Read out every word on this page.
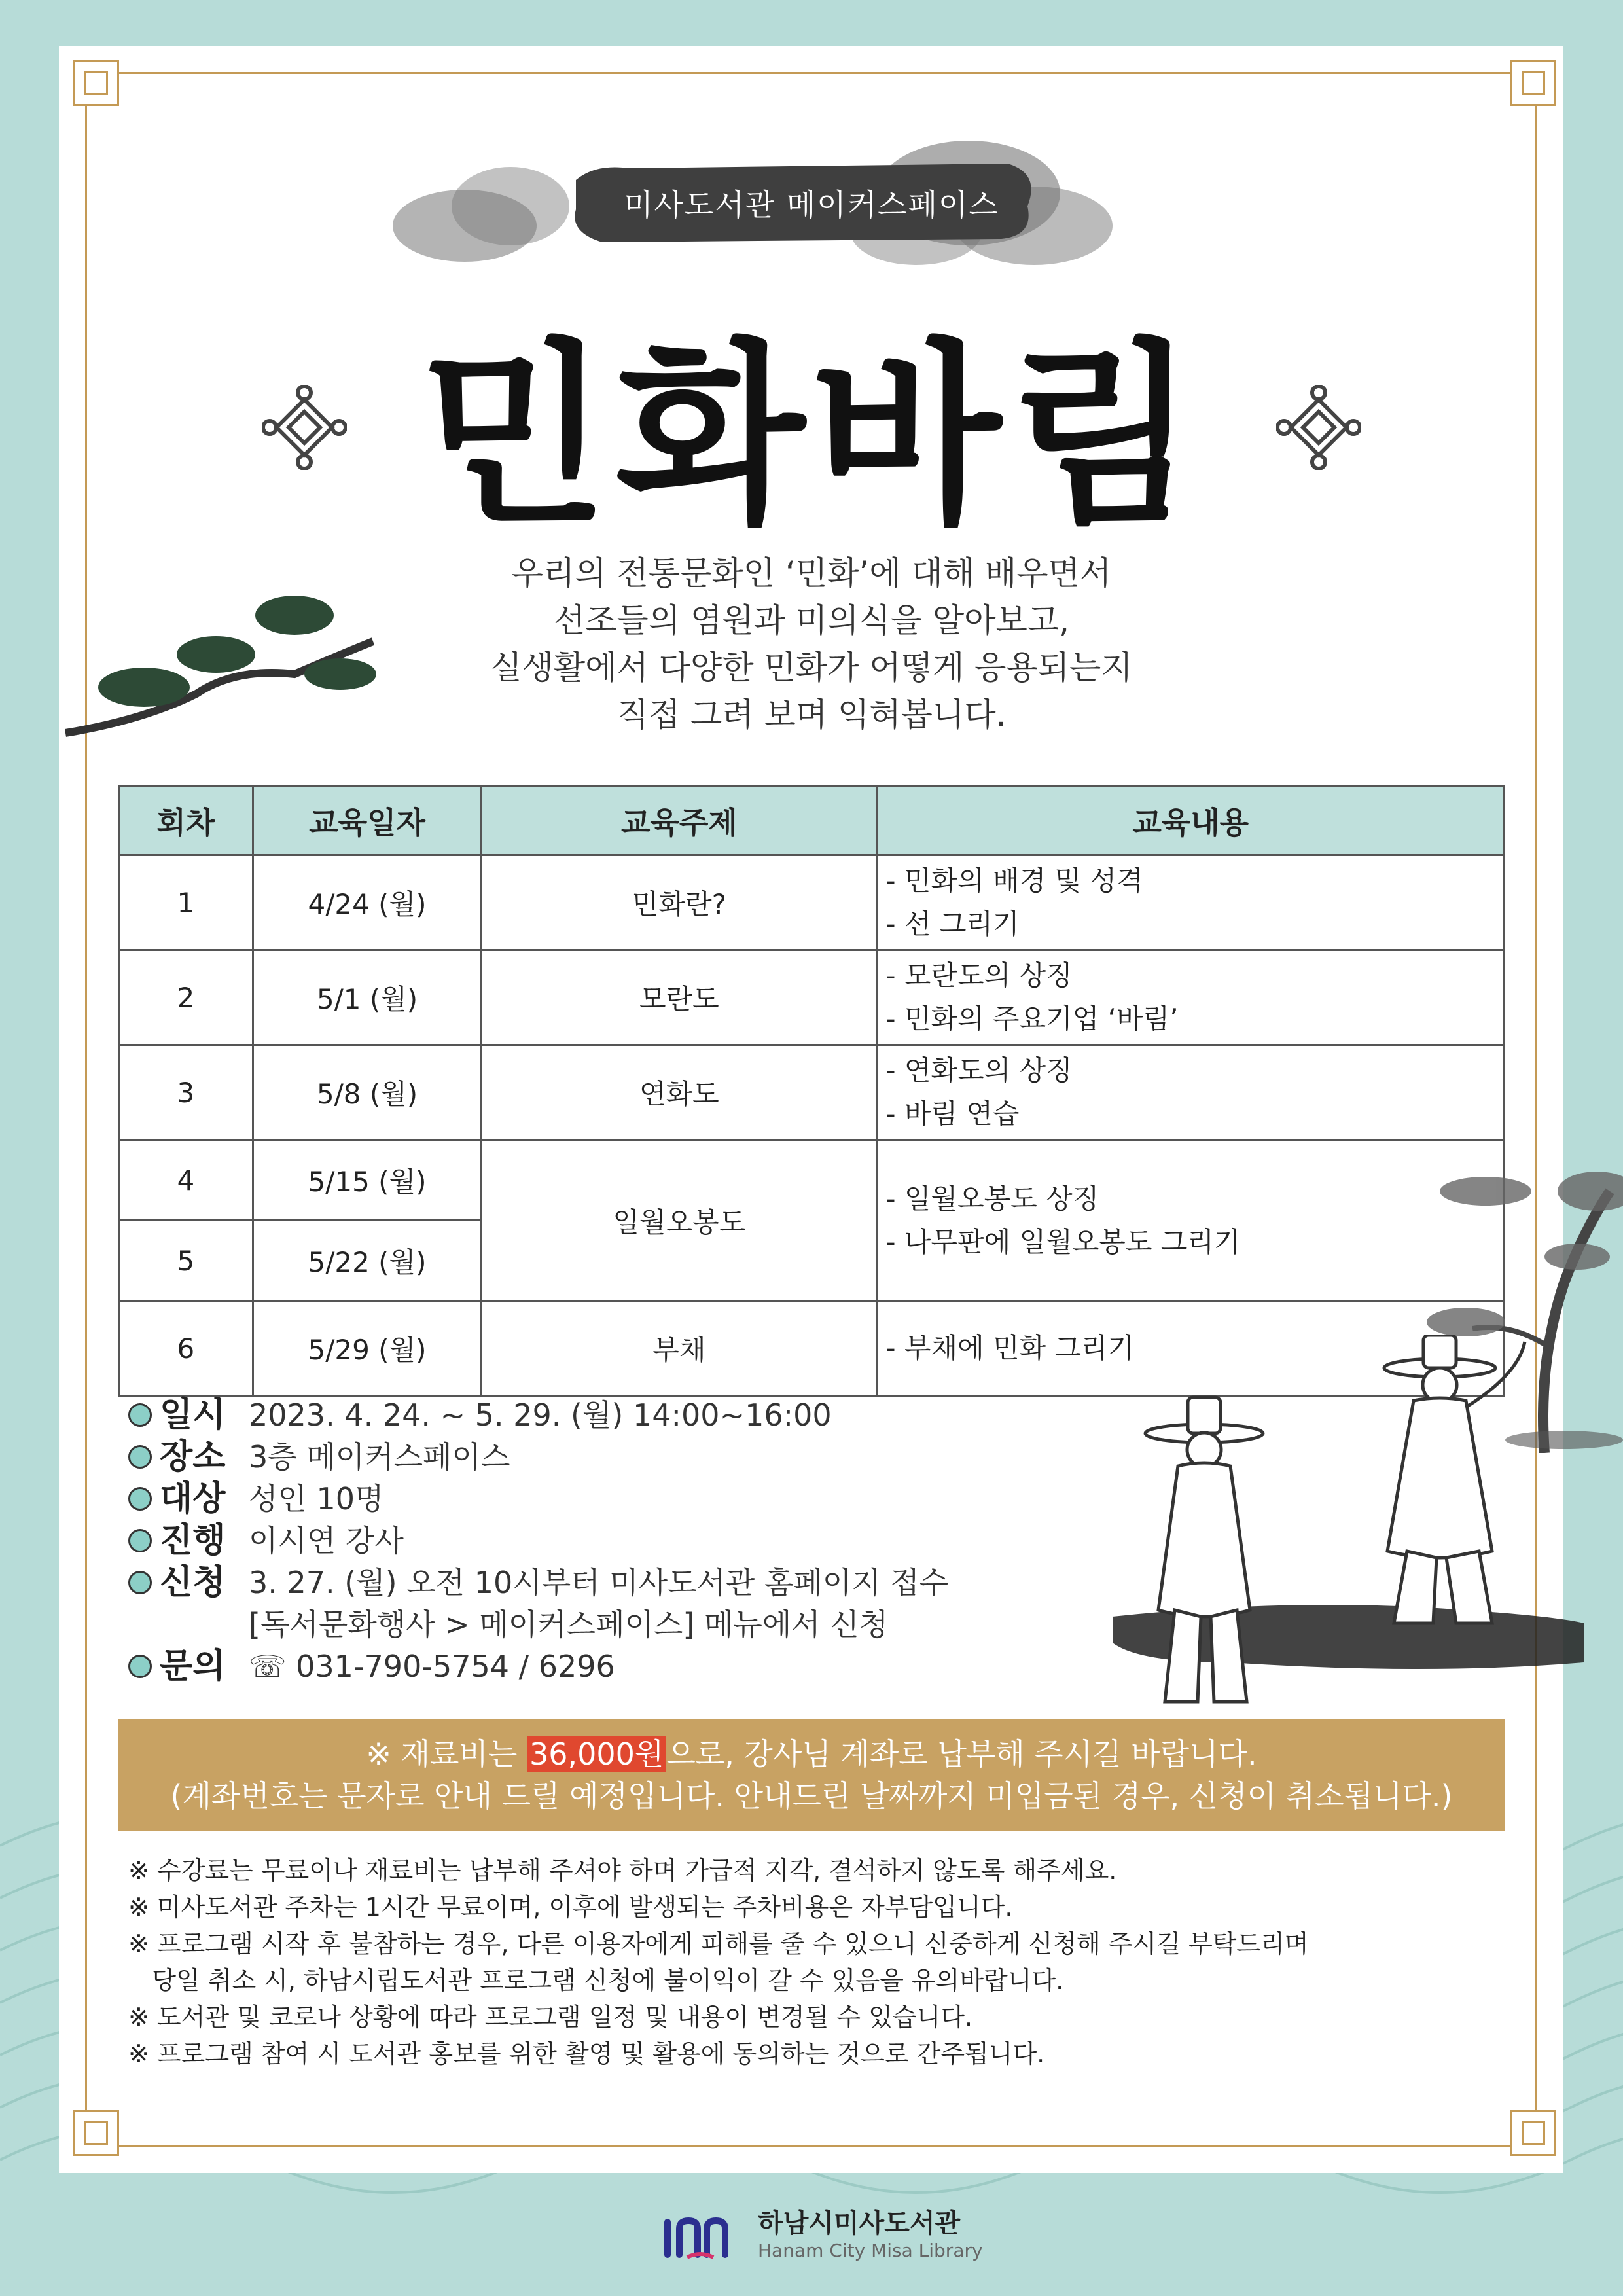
미사도서관 메이커스페이스
민화바림
우리의 전통문화인 ‘민화’에 대해 배우면서
선조들의 염원과 미의식을 알아보고,
실생활에서 다양한 민화가 어떻게 응용되는지
직접 그려 보며 익혀봅니다.
회차	교육일자	교육주제	교육내용
1	4/24 (월)	민화란?	- 민화의 배경 및 성격
- 선 그리기

2	5/1 (월)	모란도	- 모란도의 상징
- 민화의 주요기업 ‘바림’

3	5/8 (월)	연화도	- 연화도의 상징
- 바림 연습

4	5/15 (월)	일월오봉도	- 일월오봉도 상징
- 나무판에 일월오봉도 그리기

5	5/22 (월)		
6	5/29 (월)	부채	- 부채에 민화 그리기
일시 2023. 4. 24. ~ 5. 29. (월) 14:00~16:00
장소 3층 메이커스페이스
대상 성인 10명
진행 이시연 강사
신청 3. 27. (월) 오전 10시부터 미사도서관 홈페이지 접수
[독서문화행사 > 메이커스페이스] 메뉴에서 신청
문의 ☏ 031-790-5754 / 6296
※ 재료비는 36,000원으로, 강사님 계좌로 납부해 주시길 바랍니다.
(계좌번호는 문자로 안내 드릴 예정입니다. 안내드린 날짜까지 미입금된 경우, 신청이 취소됩니다.)
※ 수강료는 무료이나 재료비는 납부해 주셔야 하며 가급적 지각, 결석하지 않도록 해주세요.
※ 미사도서관 주차는 1시간 무료이며, 이후에 발생되는 주차비용은 자부담입니다.
※ 프로그램 시작 후 불참하는 경우, 다른 이용자에게 피해를 줄 수 있으니 신중하게 신청해 주시길 부탁드리며
당일 취소 시, 하남시립도서관 프로그램 신청에 불이익이 갈 수 있음을 유의바랍니다.
※ 도서관 및 코로나 상황에 따라 프로그램 일정 및 내용이 변경될 수 있습니다.
※ 프로그램 참여 시 도서관 홍보를 위한 촬영 및 활용에 동의하는 것으로 간주됩니다.
하남시미사도서관
Hanam City Misa Library
